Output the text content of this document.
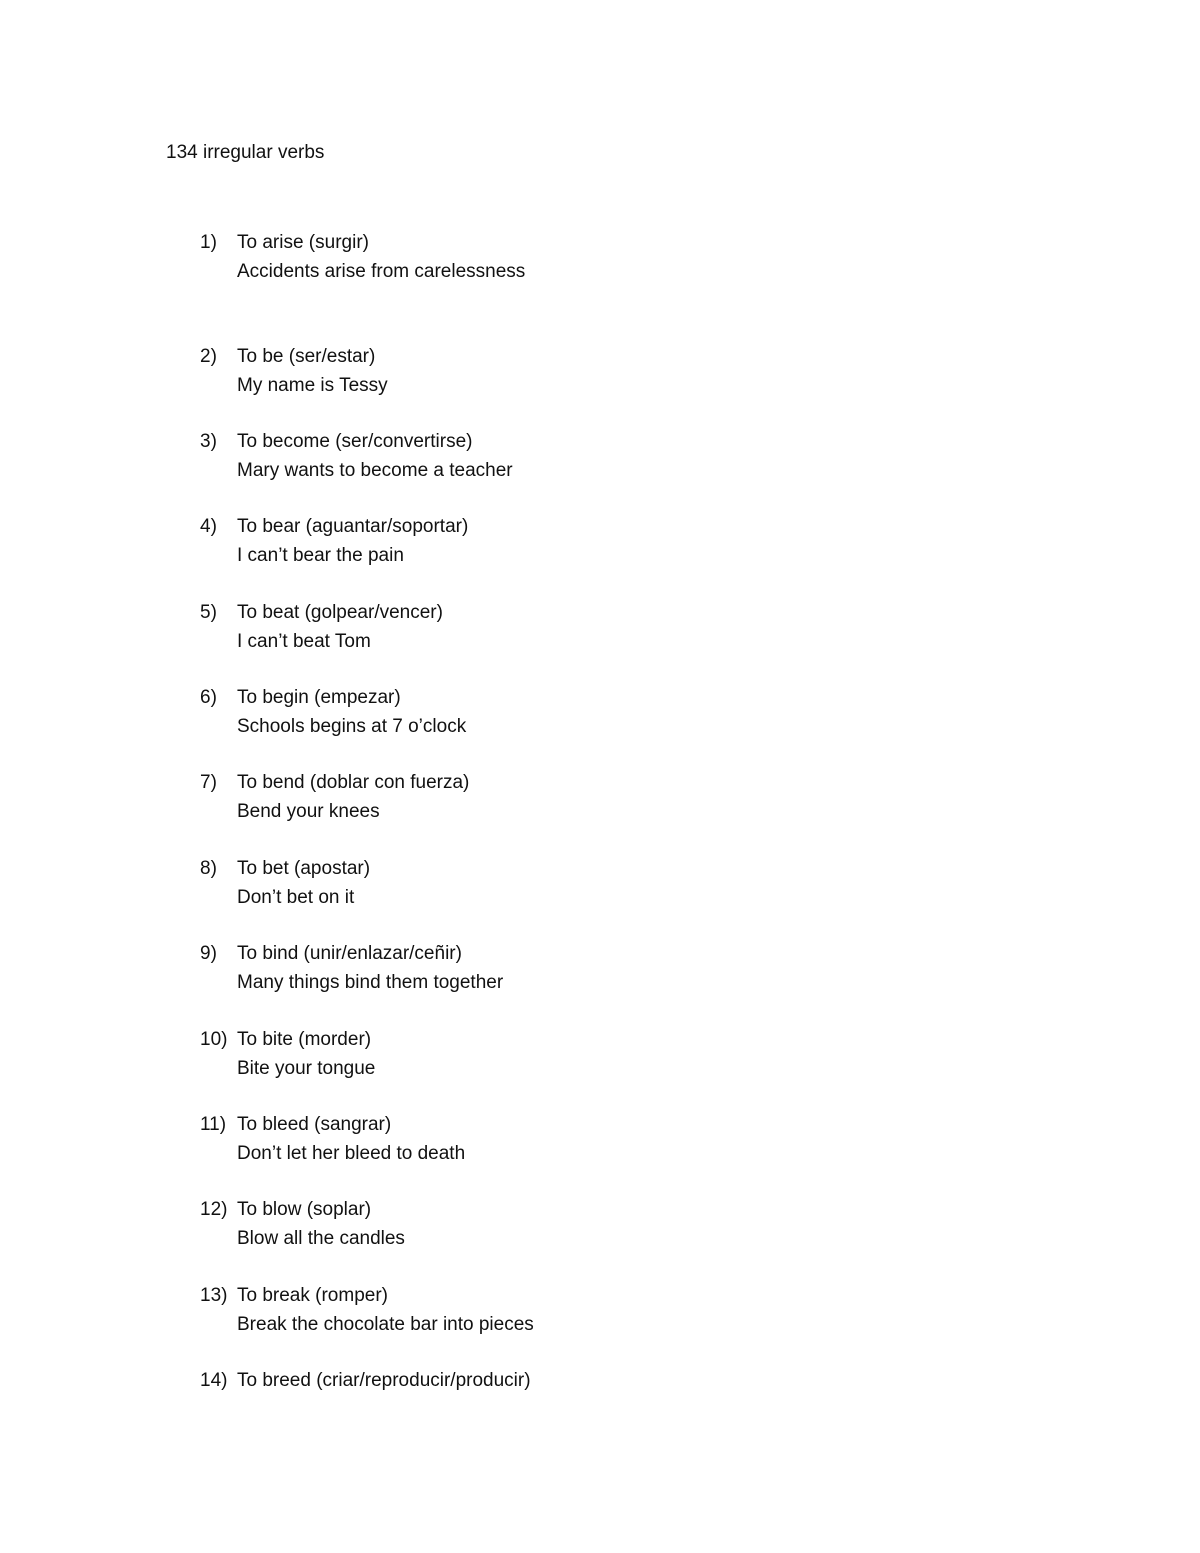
134 irregular verbs
1) To arise (surgir)
Accidents arise from carelessness
2) To be (ser/estar)
My name is Tessy
3) To become (ser/convertirse)
Mary wants to become a teacher
4) To bear (aguantar/soportar)
I can’t bear the pain
5) To beat (golpear/vencer)
I can’t beat Tom
6) To begin (empezar)
Schools begins at 7 o’clock
7) To bend (doblar con fuerza)
Bend your knees
8) To bet (apostar)
Don’t bet on it
9) To bind (unir/enlazar/ceñir)
Many things bind them together
10) To bite (morder)
Bite your tongue
11) To bleed (sangrar)
Don’t let her bleed to death
12) To blow (soplar)
Blow all the candles
13) To break (romper)
Break the chocolate bar into pieces
14) To breed (criar/reproducir/producir)
